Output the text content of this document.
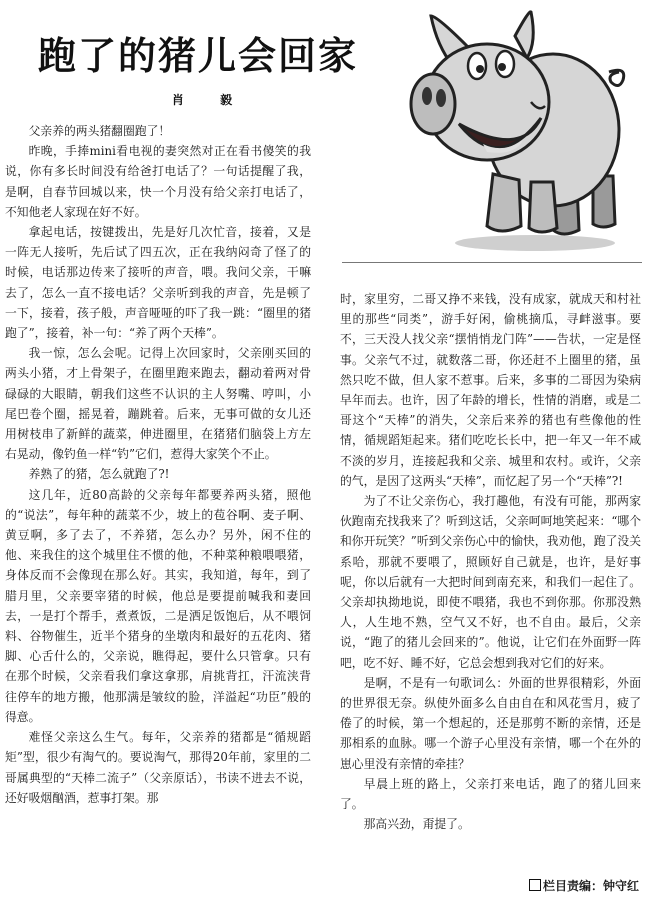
跑了的猪儿会回家
肖 毅

父亲养的两头猪翻圈跑了！

昨晚，手捧mini看电视的妻突然对正在看书傻笑的我说，你有多长时间没有给爸打电话了？一句话提醒了我，是啊，自春节回城以来，快一个月没有给父亲打电话了，不知他老人家现在好不好。

拿起电话，按键拨出，先是好几次忙音，接着，又是一阵无人接听，先后试了四五次，正在我纳闷奇了怪了的时候，电话那边传来了接听的声音，喂。我问父亲，干嘛去了，怎么一直不接电话？父亲听到我的声音，先是顿了一下，接着，孩子般，声音哑哑的吓了我一跳：“圈里的猪跑了”，接着，补一句：“养了两个天棒”。

我一惊，怎么会呢。记得上次回家时，父亲刚买回的两头小猪，才上骨架子，在圈里跑来跑去，翻动着两对骨碌碌的大眼睛，朝我们这些不认识的主人努嘴、哼叫，小尾巴卷个圈，摇晃着，蹦跳着。后来，无事可做的女儿还用树枝串了新鲜的蔬菜，伸进圈里，在猪猪们脑袋上方左右晃动，像钓鱼一样“钓”它们，惹得大家笑个不止。

养熟了的猪，怎么就跑了?!

这几年，近80高龄的父亲每年都要养两头猪，照他的“说法”，每年种的蔬菜不少，坡上的苞谷啊、麦子啊、黄豆啊，多了去了，不养猪，怎么办？另外，闲不住的他、来我住的这个城里住不惯的他，不种菜种粮喂喂猪，身体反而不会像现在那么好。其实，我知道，每年，到了腊月里，父亲要宰猪的时候，他总是要提前喊我和妻回去，一是打个帮手，煮煮饭，二是洒足饭饱后，从不喂饲料、谷物催生，近半个猪身的坐墩肉和最好的五花肉、猪脚、心舌什么的，父亲说，瞧得起，要什么只管拿。只有在那个时候，父亲看我们拿这拿那，肩挑背扛，汗流浃背往停车的地方搬，他那满是皱纹的脸，洋溢起“功臣”般的得意。

难怪父亲这么生气。每年，父亲养的猪都是“循规蹈矩”型，很少有淘气的。要说淘气，那得20年前，家里的二哥属典型的“天棒二流子”（父亲原话），书读不进去不说，还好吸烟酗酒，惹事打架。那

时，家里穷，二哥又挣不来钱，没有成家，就成天和村社里的那些“同类”，游手好闲，偷桃摘瓜，寻衅滋事。要不，三天没人找父亲“摆悄悄龙门阵”——告状，一定是怪事。父亲气不过，就数落二哥，你还赶不上圈里的猪，虽然只吃不做，但人家不惹事。后来，多事的二哥因为染病早年而去。也许，因了年龄的增长，性情的消磨，或是二哥这个“天棒”的消失，父亲后来养的猪也有些像他的性情，循规蹈矩起来。猪们吃吃长长中，把一年又一年不咸不淡的岁月，连接起我和父亲、城里和农村。或许，父亲的气，是因了这两头“天棒”，而忆起了另一个“天棒”?!

为了不让父亲伤心，我打趣他，有没有可能，那两家伙跑南充找我来了？听到这话，父亲呵呵地笑起来：“哪个和你开玩笑？”听到父亲伤心中的愉快，我劝他，跑了没关系哈，那就不要喂了，照顾好自己就是，也许，是好事呢，你以后就有一大把时间到南充来，和我们一起住了。父亲却执拗地说，即使不喂猪，我也不到你那。你那没熟人，人生地不熟，空气又不好，也不自由。最后，父亲说，“跑了的猪儿会回来的”。他说，让它们在外面野一阵吧，吃不好、睡不好，它总会想到我对它们的好来。

是啊，不是有一句歌词么：外面的世界很精彩，外面的世界很无奈。纵使外面多么自由自在和风花雪月，疲了倦了的时候，第一个想起的，还是那剪不断的亲情，还是那相系的血脉。哪一个游子心里没有亲情，哪一个在外的崽心里没有亲情的牵挂？

早晨上班的路上，父亲打来电话，跑了的猪儿回来了。

那高兴劲，甭提了。

栏目责编：钟守红
